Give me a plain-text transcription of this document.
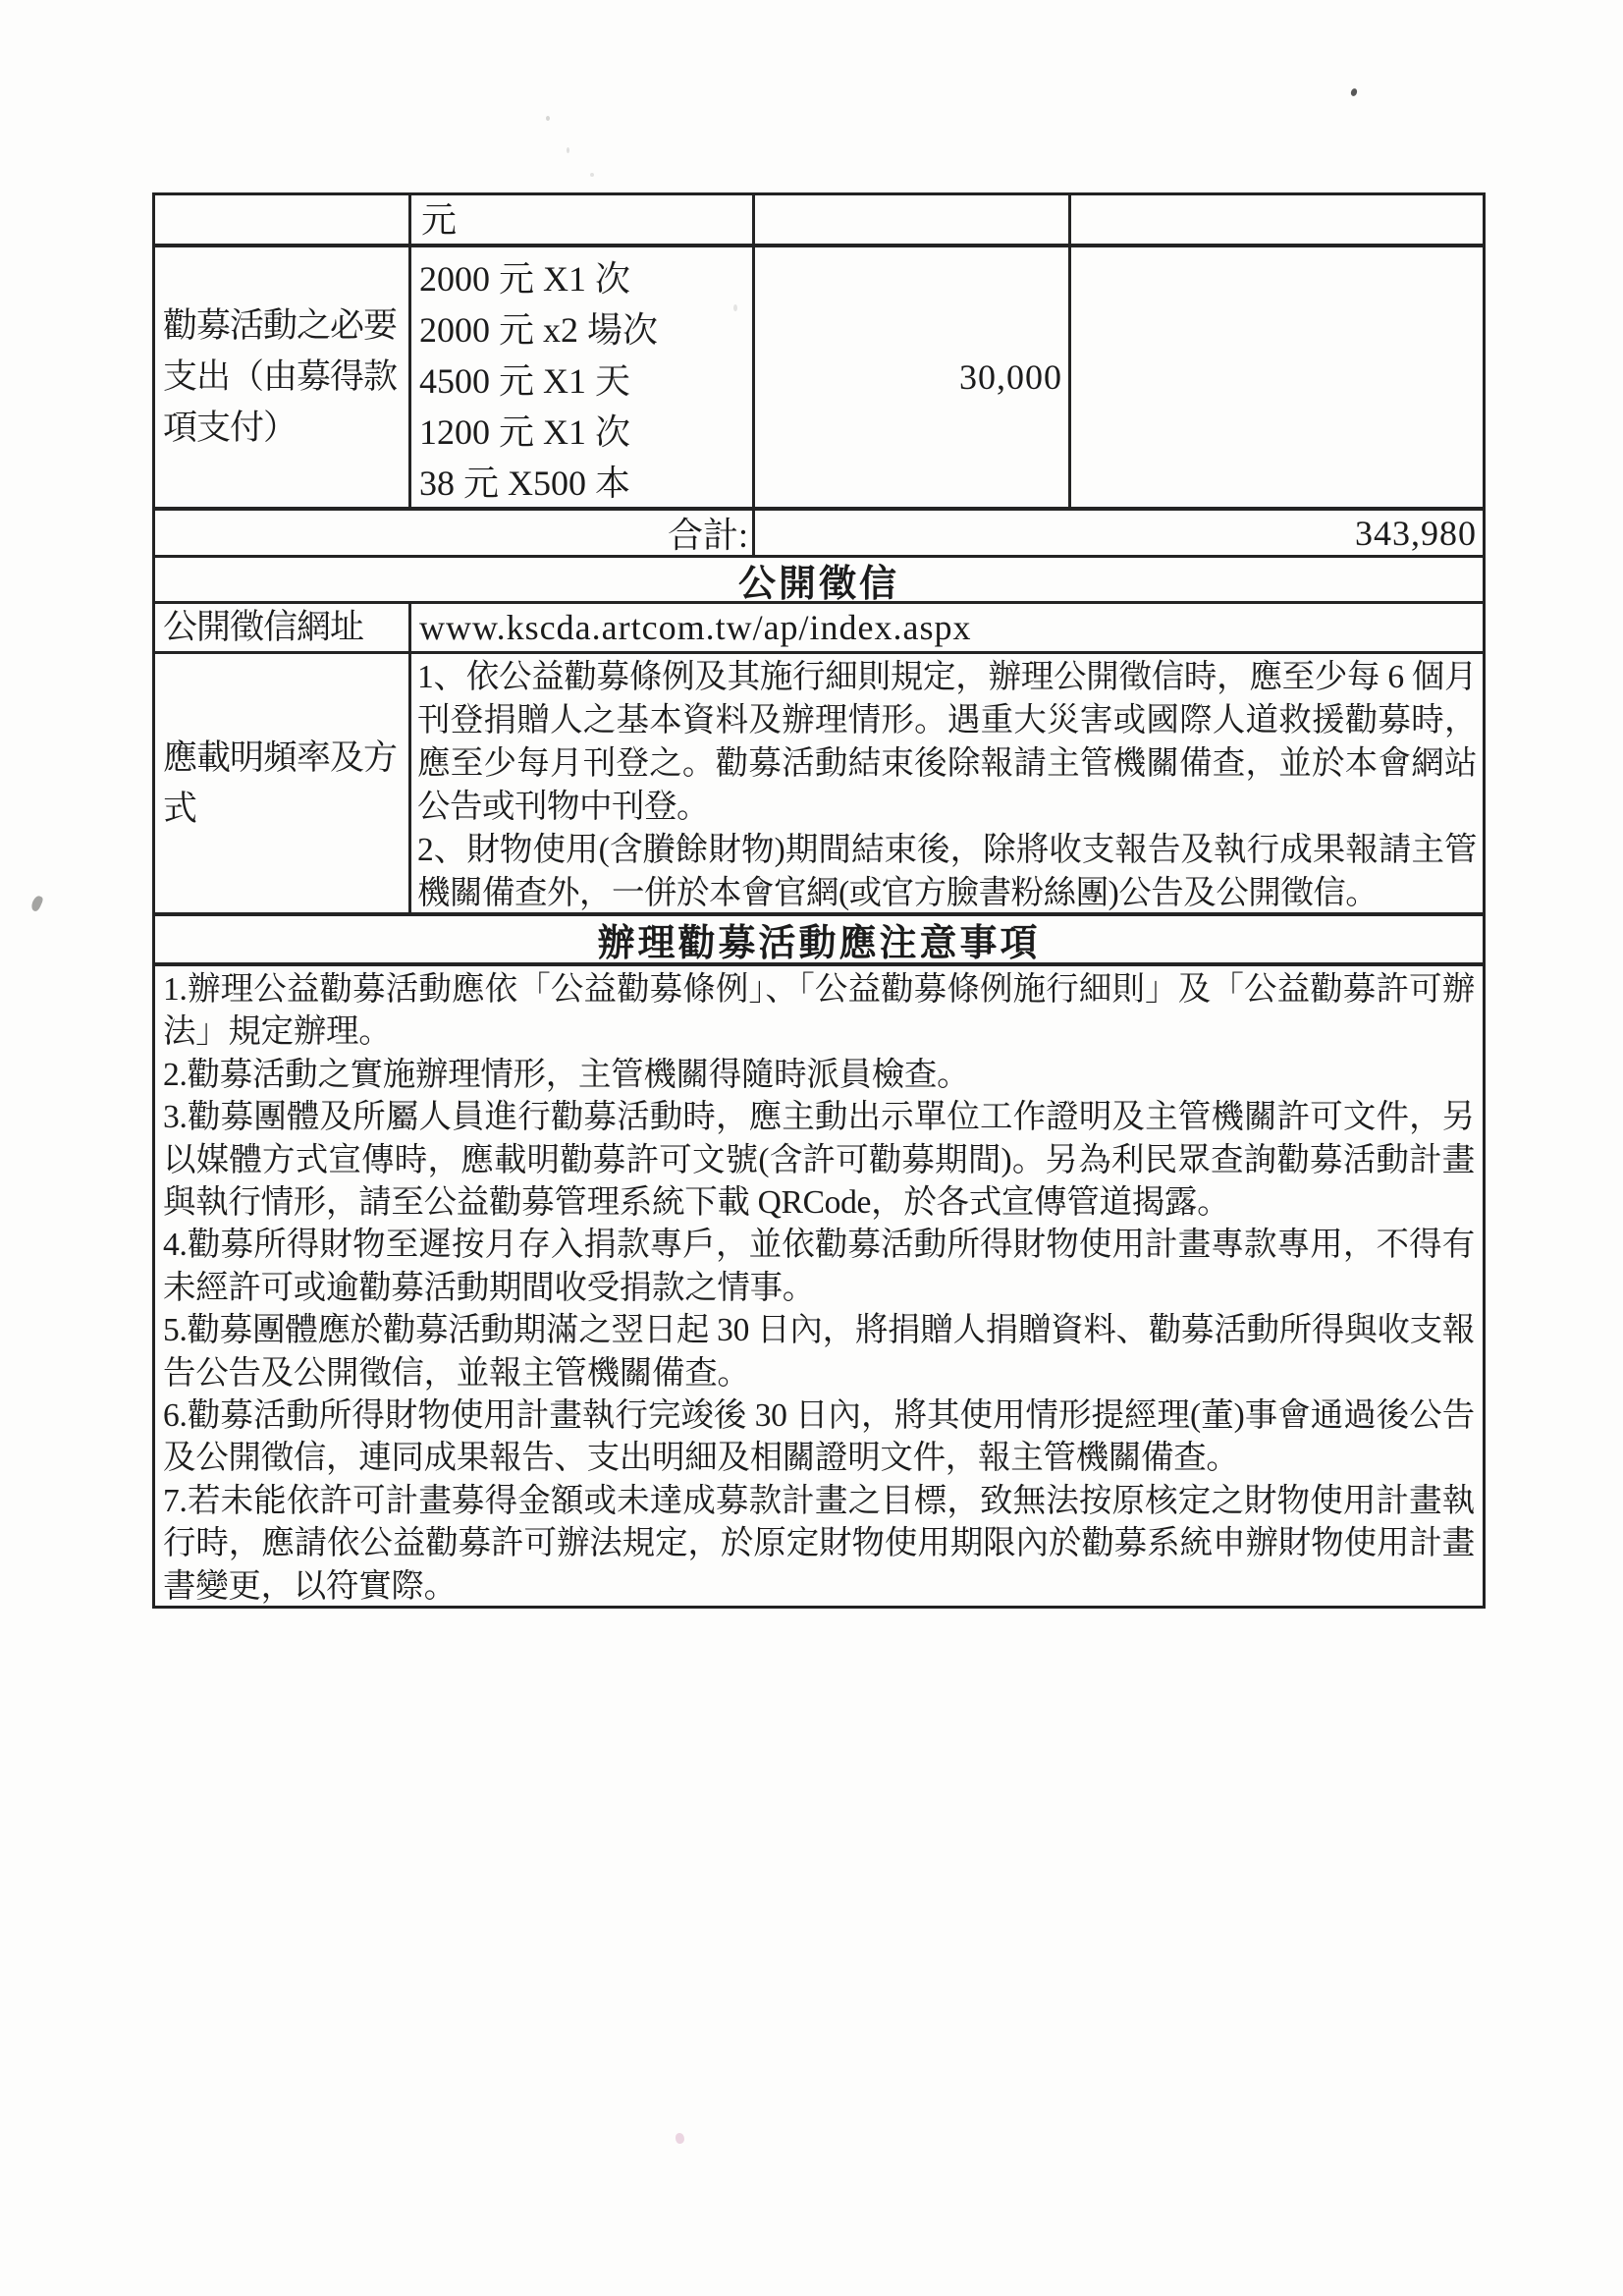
元
勸募活動之必要支出（由募得款項支付）
2000 元 X1 次
2000 元 x2 場次
4500 元 X1 天
1200 元 X1 次
38 元 X500 本
30,000
合計:	343,980
公開徵信
公開徵信網址 www.kscda.artcom.tw/ap/index.aspx
應載明頻率及方式
1、依公益勸募條例及其施行細則規定，辦理公開徵信時，應至少每 6 個月刊登捐贈人之基本資料及辦理情形。遇重大災害或國際人道救援勸募時，應至少每月刊登之。勸募活動結束後除報請主管機關備查，並於本會網站公告或刊物中刊登。
2、財物使用(含賸餘財物)期間結束後，除將收支報告及執行成果報請主管機關備查外，一併於本會官網(或官方臉書粉絲團)公告及公開徵信。
辦理勸募活動應注意事項
1.辦理公益勸募活動應依「公益勸募條例」、「公益勸募條例施行細則」及「公益勸募許可辦法」規定辦理。
2.勸募活動之實施辦理情形，主管機關得隨時派員檢查。
3.勸募團體及所屬人員進行勸募活動時，應主動出示單位工作證明及主管機關許可文件，另以媒體方式宣傳時，應載明勸募許可文號(含許可勸募期間)。另為利民眾查詢勸募活動計畫與執行情形，請至公益勸募管理系統下載 QRCode，於各式宣傳管道揭露。
4.勸募所得財物至遲按月存入捐款專戶，並依勸募活動所得財物使用計畫專款專用，不得有未經許可或逾勸募活動期間收受捐款之情事。
5.勸募團體應於勸募活動期滿之翌日起 30 日內，將捐贈人捐贈資料、勸募活動所得與收支報告公告及公開徵信，並報主管機關備查。
6.勸募活動所得財物使用計畫執行完竣後 30 日內，將其使用情形提經理(董)事會通過後公告及公開徵信，連同成果報告、支出明細及相關證明文件，報主管機關備查。
7.若未能依許可計畫募得金額或未達成募款計畫之目標，致無法按原核定之財物使用計畫執行時，應請依公益勸募許可辦法規定，於原定財物使用期限內於勸募系統申辦財物使用計畫書變更，以符實際。
